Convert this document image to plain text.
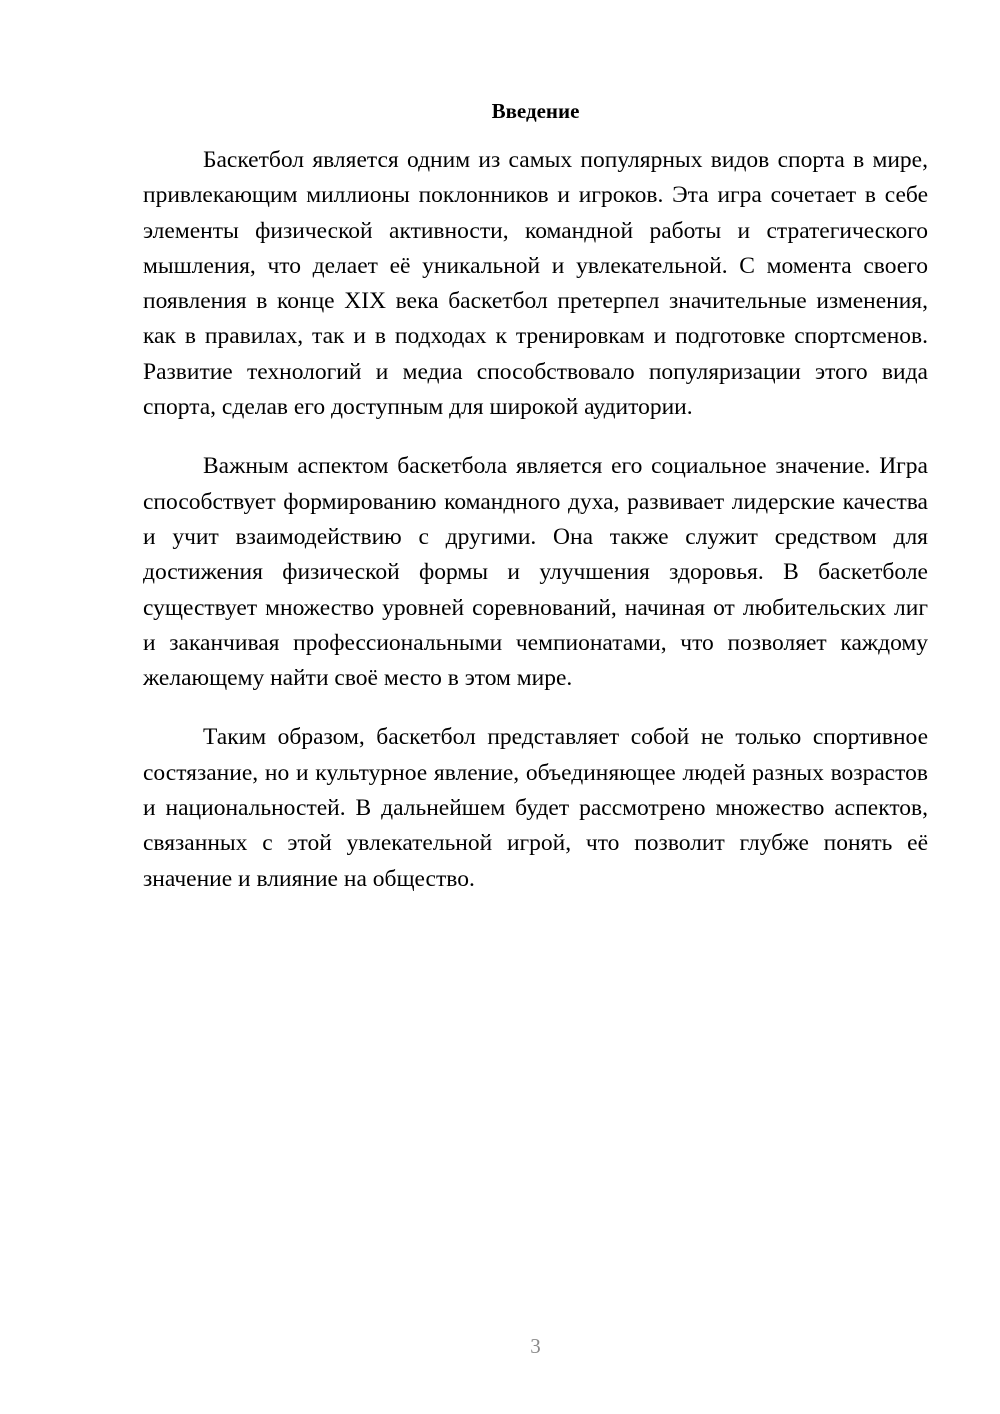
Введение

Баскетбол является одним из самых популярных видов спорта в мире, привлекающим миллионы поклонников и игроков. Эта игра сочетает в себе элементы физической активности, командной работы и стратегического мышления, что делает её уникальной и увлекательной. С момента своего появления в конце XIX века баскетбол претерпел значительные изменения, как в правилах, так и в подходах к тренировкам и подготовке спортсменов. Развитие технологий и медиа способствовало популяризации этого вида спорта, сделав его доступным для широкой аудитории.

Важным аспектом баскетбола является его социальное значение. Игра способствует формированию командного духа, развивает лидерские качества и учит взаимодействию с другими. Она также служит средством для достижения физической формы и улучшения здоровья. В баскетболе существует множество уровней соревнований, начиная от любительских лиг и заканчивая профессиональными чемпионатами, что позволяет каждому желающему найти своё место в этом мире.

Таким образом, баскетбол представляет собой не только спортивное состязание, но и культурное явление, объединяющее людей разных возрастов и национальностей. В дальнейшем будет рассмотрено множество аспектов, связанных с этой увлекательной игрой, что позволит глубже понять её значение и влияние на общество.

3
